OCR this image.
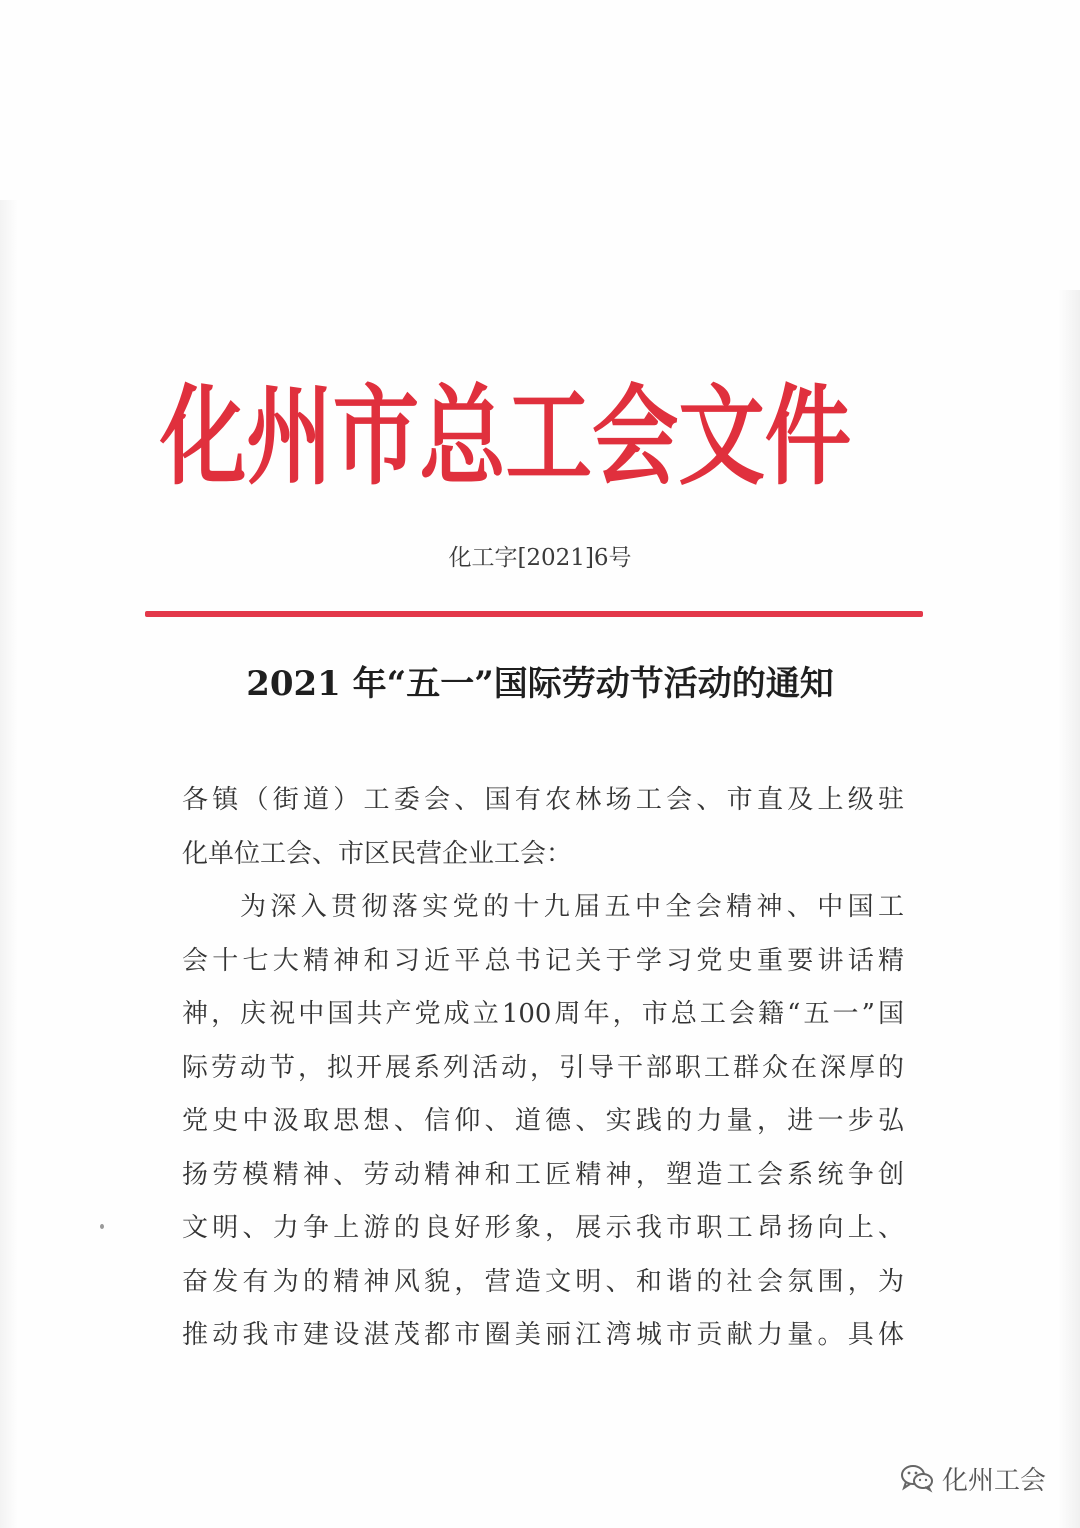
化州市总工会文件
化工字[2021]6号
2021 年“五一”国际劳动节活动的通知
各镇（街道）工委会、国有农林场工会、市直及上级驻
化单位工会、市区民营企业工会：
为深入贯彻落实党的十九届五中全会精神、中国工
会十七大精神和习近平总书记关于学习党史重要讲话精
神，庆祝中国共产党成立100周年，市总工会籍“五一”国
际劳动节，拟开展系列活动，引导干部职工群众在深厚的
党史中汲取思想、信仰、道德、实践的力量，进一步弘
扬劳模精神、劳动精神和工匠精神，塑造工会系统争创
文明、力争上游的良好形象，展示我市职工昂扬向上、
奋发有为的精神风貌，营造文明、和谐的社会氛围，为
推动我市建设湛茂都市圈美丽江湾城市贡献力量。具体
化州工会
